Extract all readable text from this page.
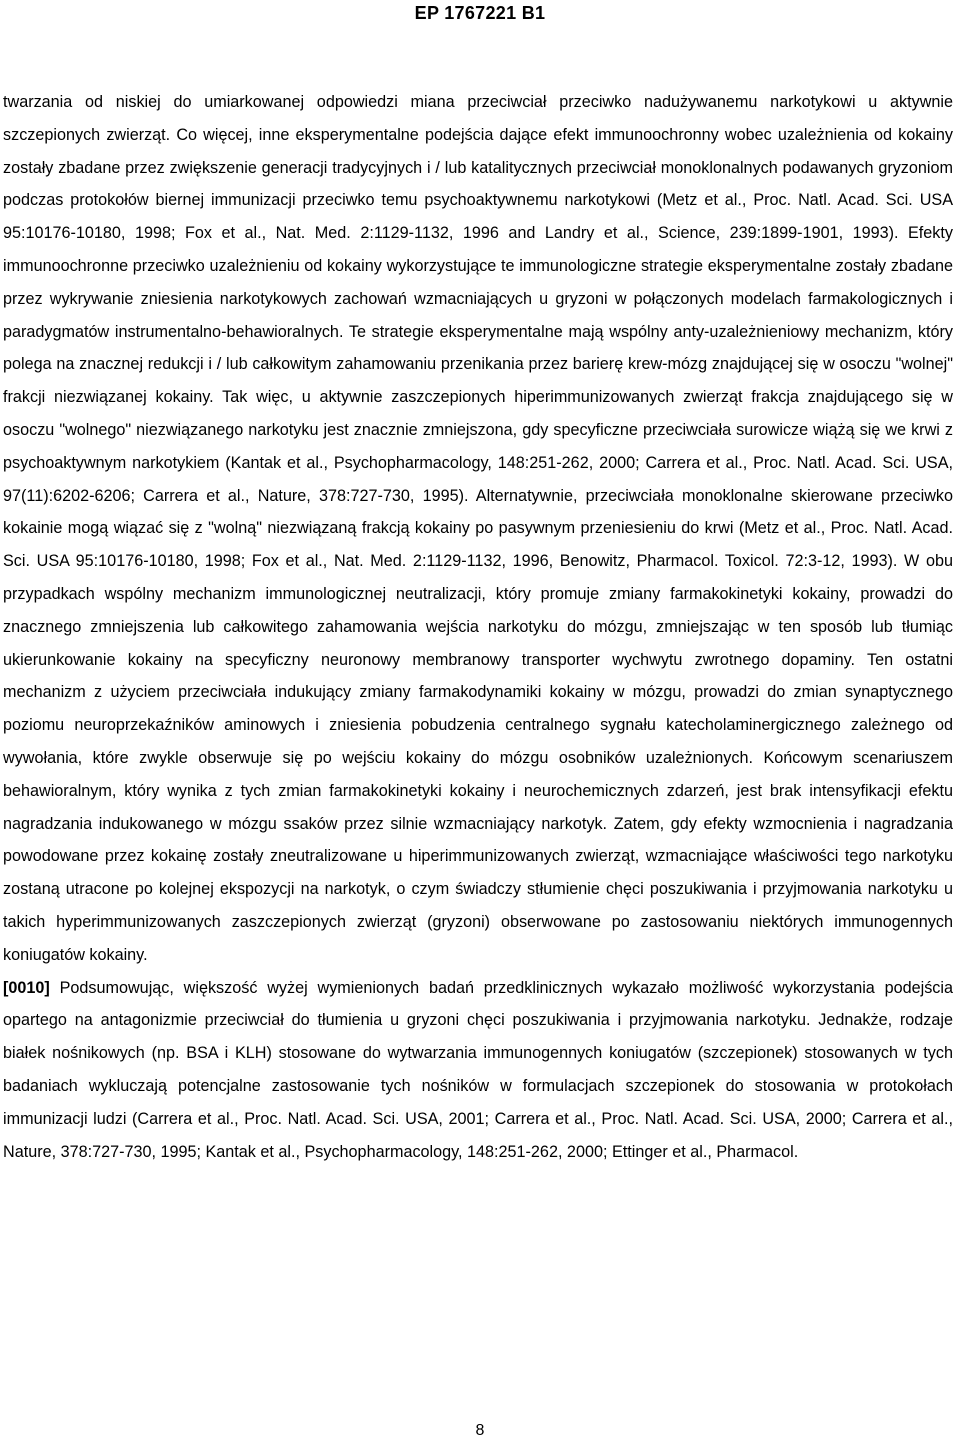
EP 1767221 B1

twarzania od niskiej do umiarkowanej odpowiedzi miana przeciwciał przeciwko nadużywanemu narkotykowi u aktywnie szczepionych zwierząt. Co więcej, inne eksperymentalne podejścia dające efekt immunoochronny wobec uzależnienia od kokainy zostały zbadane przez zwiększenie generacji tradycyjnych i / lub katalitycznych przeciwciał monoklonalnych podawanych gryzoniom podczas protokołów biernej immunizacji przeciwko temu psychoaktywnemu narkotykowi (Metz et al., Proc. Natl. Acad. Sci. USA 95:10176-10180, 1998; Fox et al., Nat. Med. 2:1129-1132, 1996 and Landry et al., Science, 239:1899-1901, 1993). Efekty immunoochronne przeciwko uzależnieniu od kokainy wykorzystujące te immunologiczne strategie eksperymentalne zostały zbadane przez wykrywanie zniesienia narkotykowych zachowań wzmacniających u gryzoni w połączonych modelach farmakologicznych i paradygmatów instrumentalno-behawioralnych. Te strategie eksperymentalne mają wspólny anty-uzależnieniowy mechanizm, który polega na znacznej redukcji i / lub całkowitym zahamowaniu przenikania przez barierę krew-mózg znajdującej się w osoczu "wolnej" frakcji niezwiązanej kokainy. Tak więc, u aktywnie zaszczepionych hiperimmunizowanych zwierząt frakcja znajdującego się w osoczu "wolnego" niezwiązanego narkotyku jest znacznie zmniejszona, gdy specyficzne przeciwciała surowicze wiążą się we krwi z psychoaktywnym narkotykiem (Kantak et al., Psychopharmacology, 148:251-262, 2000; Carrera et al., Proc. Natl. Acad. Sci. USA, 97(11):6202-6206; Carrera et al., Nature, 378:727-730, 1995). Alternatywnie, przeciwciała monoklonalne skierowane przeciwko kokainie mogą wiązać się z "wolną" niezwiązaną frakcją kokainy po pasywnym przeniesieniu do krwi (Metz et al., Proc. Natl. Acad. Sci. USA 95:10176-10180, 1998; Fox et al., Nat. Med. 2:1129-1132, 1996, Benowitz, Pharmacol. Toxicol. 72:3-12, 1993). W obu przypadkach wspólny mechanizm immunologicznej neutralizacji, który promuje zmiany farmakokinetyki kokainy, prowadzi do znacznego zmniejszenia lub całkowitego zahamowania wejścia narkotyku do mózgu, zmniejszając w ten sposób lub tłumiąc ukierunkowanie kokainy na specyficzny neuronowy membranowy transporter wychwytu zwrotnego dopaminy. Ten ostatni mechanizm z użyciem przeciwciała indukujący zmiany farmakodynamiki kokainy w mózgu, prowadzi do zmian synaptycznego poziomu neuroprzekaźników aminowych i zniesienia pobudzenia centralnego sygnału katecholaminergicznego zależnego od wywołania, które zwykle obserwuje się po wejściu kokainy do mózgu osobników uzależnionych. Końcowym scenariuszem behawioralnym, który wynika z tych zmian farmakokinetyki kokainy i neurochemicznych zdarzeń, jest brak intensyfikacji efektu nagradzania indukowanego w mózgu ssaków przez silnie wzmacniający narkotyk. Zatem, gdy efekty wzmocnienia i nagradzania powodowane przez kokainę zostały zneutralizowane u hiperimmunizowanych zwierząt, wzmacniające właściwości tego narkotyku zostaną utracone po kolejnej ekspozycji na narkotyk, o czym świadczy stłumienie chęci poszukiwania i przyjmowania narkotyku u takich hyperimmunizowanych zaszczepionych zwierząt (gryzoni) obserwowane po zastosowaniu niektórych immunogennych koniugatów kokainy.

[0010] Podsumowując, większość wyżej wymienionych badań przedklinicznych wykazało możliwość wykorzystania podejścia opartego na antagonizmie przeciwciał do tłumienia u gryzoni chęci poszukiwania i przyjmowania narkotyku. Jednakże, rodzaje białek nośnikowych (np. BSA i KLH) stosowane do wytwarzania immunogennych koniugatów (szczepionek) stosowanych w tych badaniach wykluczają potencjalne zastosowanie tych nośników w formulacjach szczepionek do stosowania w protokołach immunizacji ludzi (Carrera et al., Proc. Natl. Acad. Sci. USA, 2001; Carrera et al., Proc. Natl. Acad. Sci. USA, 2000; Carrera et al., Nature, 378:727-730, 1995; Kantak et al., Psychopharmacology, 148:251-262, 2000; Ettinger et al., Pharmacol.

8
